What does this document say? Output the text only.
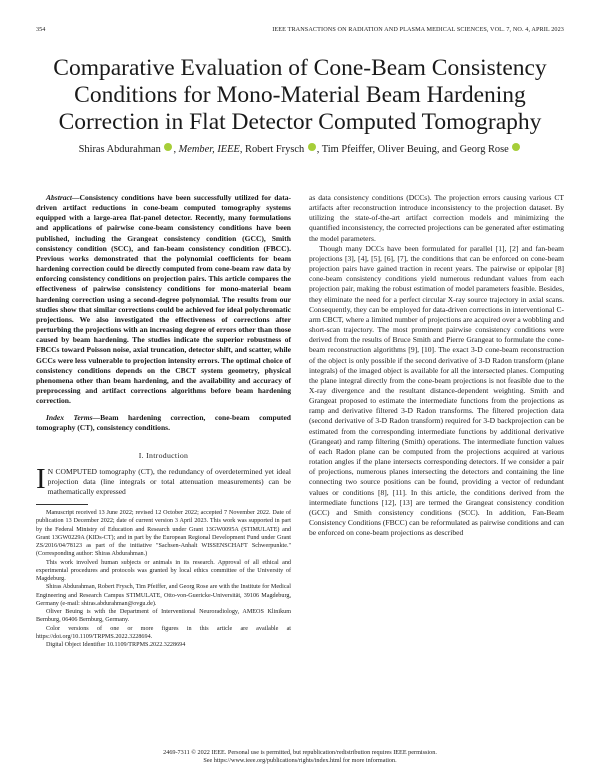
354	IEEE TRANSACTIONS ON RADIATION AND PLASMA MEDICAL SCIENCES, VOL. 7, NO. 4, APRIL 2023
Comparative Evaluation of Cone-Beam Consistency
Conditions for Mono-Material Beam Hardening
Correction in Flat Detector Computed Tomography
Shiras Abdurahman , Member, IEEE, Robert Frysch , Tim Pfeiffer, Oliver Beuing, and Georg Rose

Abstract—Consistency conditions have been successfully utilized for data-driven artifact reductions in cone-beam computed tomography systems equipped with a large-area flat-panel detector. Recently, many formulations and applications of pairwise cone-beam consistency conditions have been published, including the Grangeat consistency condition (GCC), Smith consistency condition (SCC), and fan-beam consistency condition (FBCC). Previous works demonstrated that the polynomial coefficients for beam hardening correction could be directly computed from cone-beam raw data by enforcing consistency conditions on projection pairs. This article compares the effectiveness of pairwise consistency conditions for mono-material beam hardening correction using a second-degree polynomial. The results from our studies show that similar corrections could be achieved for ideal polychromatic projections. We also investigated the effectiveness of corrections after perturbing the projections with an increasing degree of errors other than those caused by beam hardening. The studies indicate the superior robustness of FBCCs toward Poisson noise, axial truncation, detector shift, and scatter, while GCCs were less vulnerable to projection intensity errors. The optimal choice of consistency conditions depends on the CBCT system geometry, physical phenomena other than beam hardening, and the availability and accuracy of preprocessing and artifact corrections algorithms before beam hardening correction.

Index Terms—Beam hardening correction, cone-beam computed tomography (CT), consistency conditions.

I. Introduction

I N COMPUTED tomography (CT), the redundancy of overdetermined yet ideal projection data (line integrals or total attenuation measurements) can be mathematically expressed

Manuscript received 13 June 2022; revised 12 October 2022; accepted 7 November 2022. Date of publication 13 December 2022; date of current version 3 April 2023. This work was supported in part by the Federal Ministry of Education and Research under Grant 13GW0095A (STIMULATE) and Grant 13GW0229A (KIDs-CT); and in part by the European Regional Development Fund under Grant ZS/2016/04/78123 as part of the initiative "Sachsen-Anhalt WISSENSCHAFT Schwerpunkte." (Corresponding author: Shiras Abdurahman.)

This work involved human subjects or animals in its research. Approval of all ethical and experimental procedures and protocols was granted by local ethics committee of the University of Magdeburg.

Shiras Abdurahman, Robert Frysch, Tim Pfeiffer, and Georg Rose are with the Institute for Medical Engineering and Research Campus STIMULATE, Otto-von-Guericke-Universität, 39106 Magdeburg, Germany (e-mail: shiras.abdurahman@ovgu.de).

Oliver Beuing is with the Department of Interventional Neuroradiology, AMEOS Klinikum Bernburg, 06406 Bernburg, Germany.

Color versions of one or more figures in this article are available at https://doi.org/10.1109/TRPMS.2022.3228694.

Digital Object Identifier 10.1109/TRPMS.2022.3228694

as data consistency conditions (DCCs). The projection errors causing various CT artifacts after reconstruction introduce inconsistency to the projection dataset. By utilizing the state-of-the-art artifact correction models and minimizing the quantified inconsistency, the corrected projections can be generated after estimating the model parameters.

Though many DCCs have been formulated for parallel [1], [2] and fan-beam projections [3], [4], [5], [6], [7], the conditions that can be enforced on cone-beam projection pairs have gained traction in recent years. The pairwise or epipolar [8] cone-beam consistency conditions yield numerous redundant values from each projection pair, making the robust estimation of model parameters feasible. Besides, they eliminate the need for a perfect circular X-ray source trajectory in axial scans. Consequently, they can be employed for data-driven corrections in interventional C-arm CBCT, where a limited number of projections are acquired over a wobbling and short-scan trajectory. The most prominent pairwise consistency conditions were derived from the results of Bruce Smith and Pierre Grangeat to formulate the cone-beam reconstruction algorithms [9], [10]. The exact 3-D cone-beam reconstruction of the object is only possible if the second derivative of 3-D Radon transform (plane integrals) of the imaged object is available for all the intersected planes. Computing the plane integral directly from the cone-beam projections is not feasible due to the X-ray divergence and the resultant distance-dependent weighting. Smith and Grangeat proposed to estimate the intermediate functions from the projections as ramp and derivative filtered 3-D Radon transforms. The filtered projection data (second derivative of 3-D Radon transform) required for 3-D backprojection can be estimated from the corresponding intermediate functions by additional derivative (Grangeat) and ramp filtering (Smith) operations. The intermediate function values of each Radon plane can be computed from the projections acquired at various rotation angles if the plane intersects corresponding detectors. If we consider a pair of projections, numerous planes intersecting the detectors and containing the line connecting two source positions can be found, providing a vector of redundant values or conditions [8], [11]. In this article, the conditions derived from the intermediate functions [12], [13] are termed the Grangeat consistency condition (GCC) and Smith consistency conditions (SCC). In addition, Fan-Beam Consistency Conditions (FBCC) can be reformulated as pairwise conditions and can be enforced on cone-beam projections as described

2469-7311 © 2022 IEEE. Personal use is permitted, but republication/redistribution requires IEEE permission.
See https://www.ieee.org/publications/rights/index.html for more information.
